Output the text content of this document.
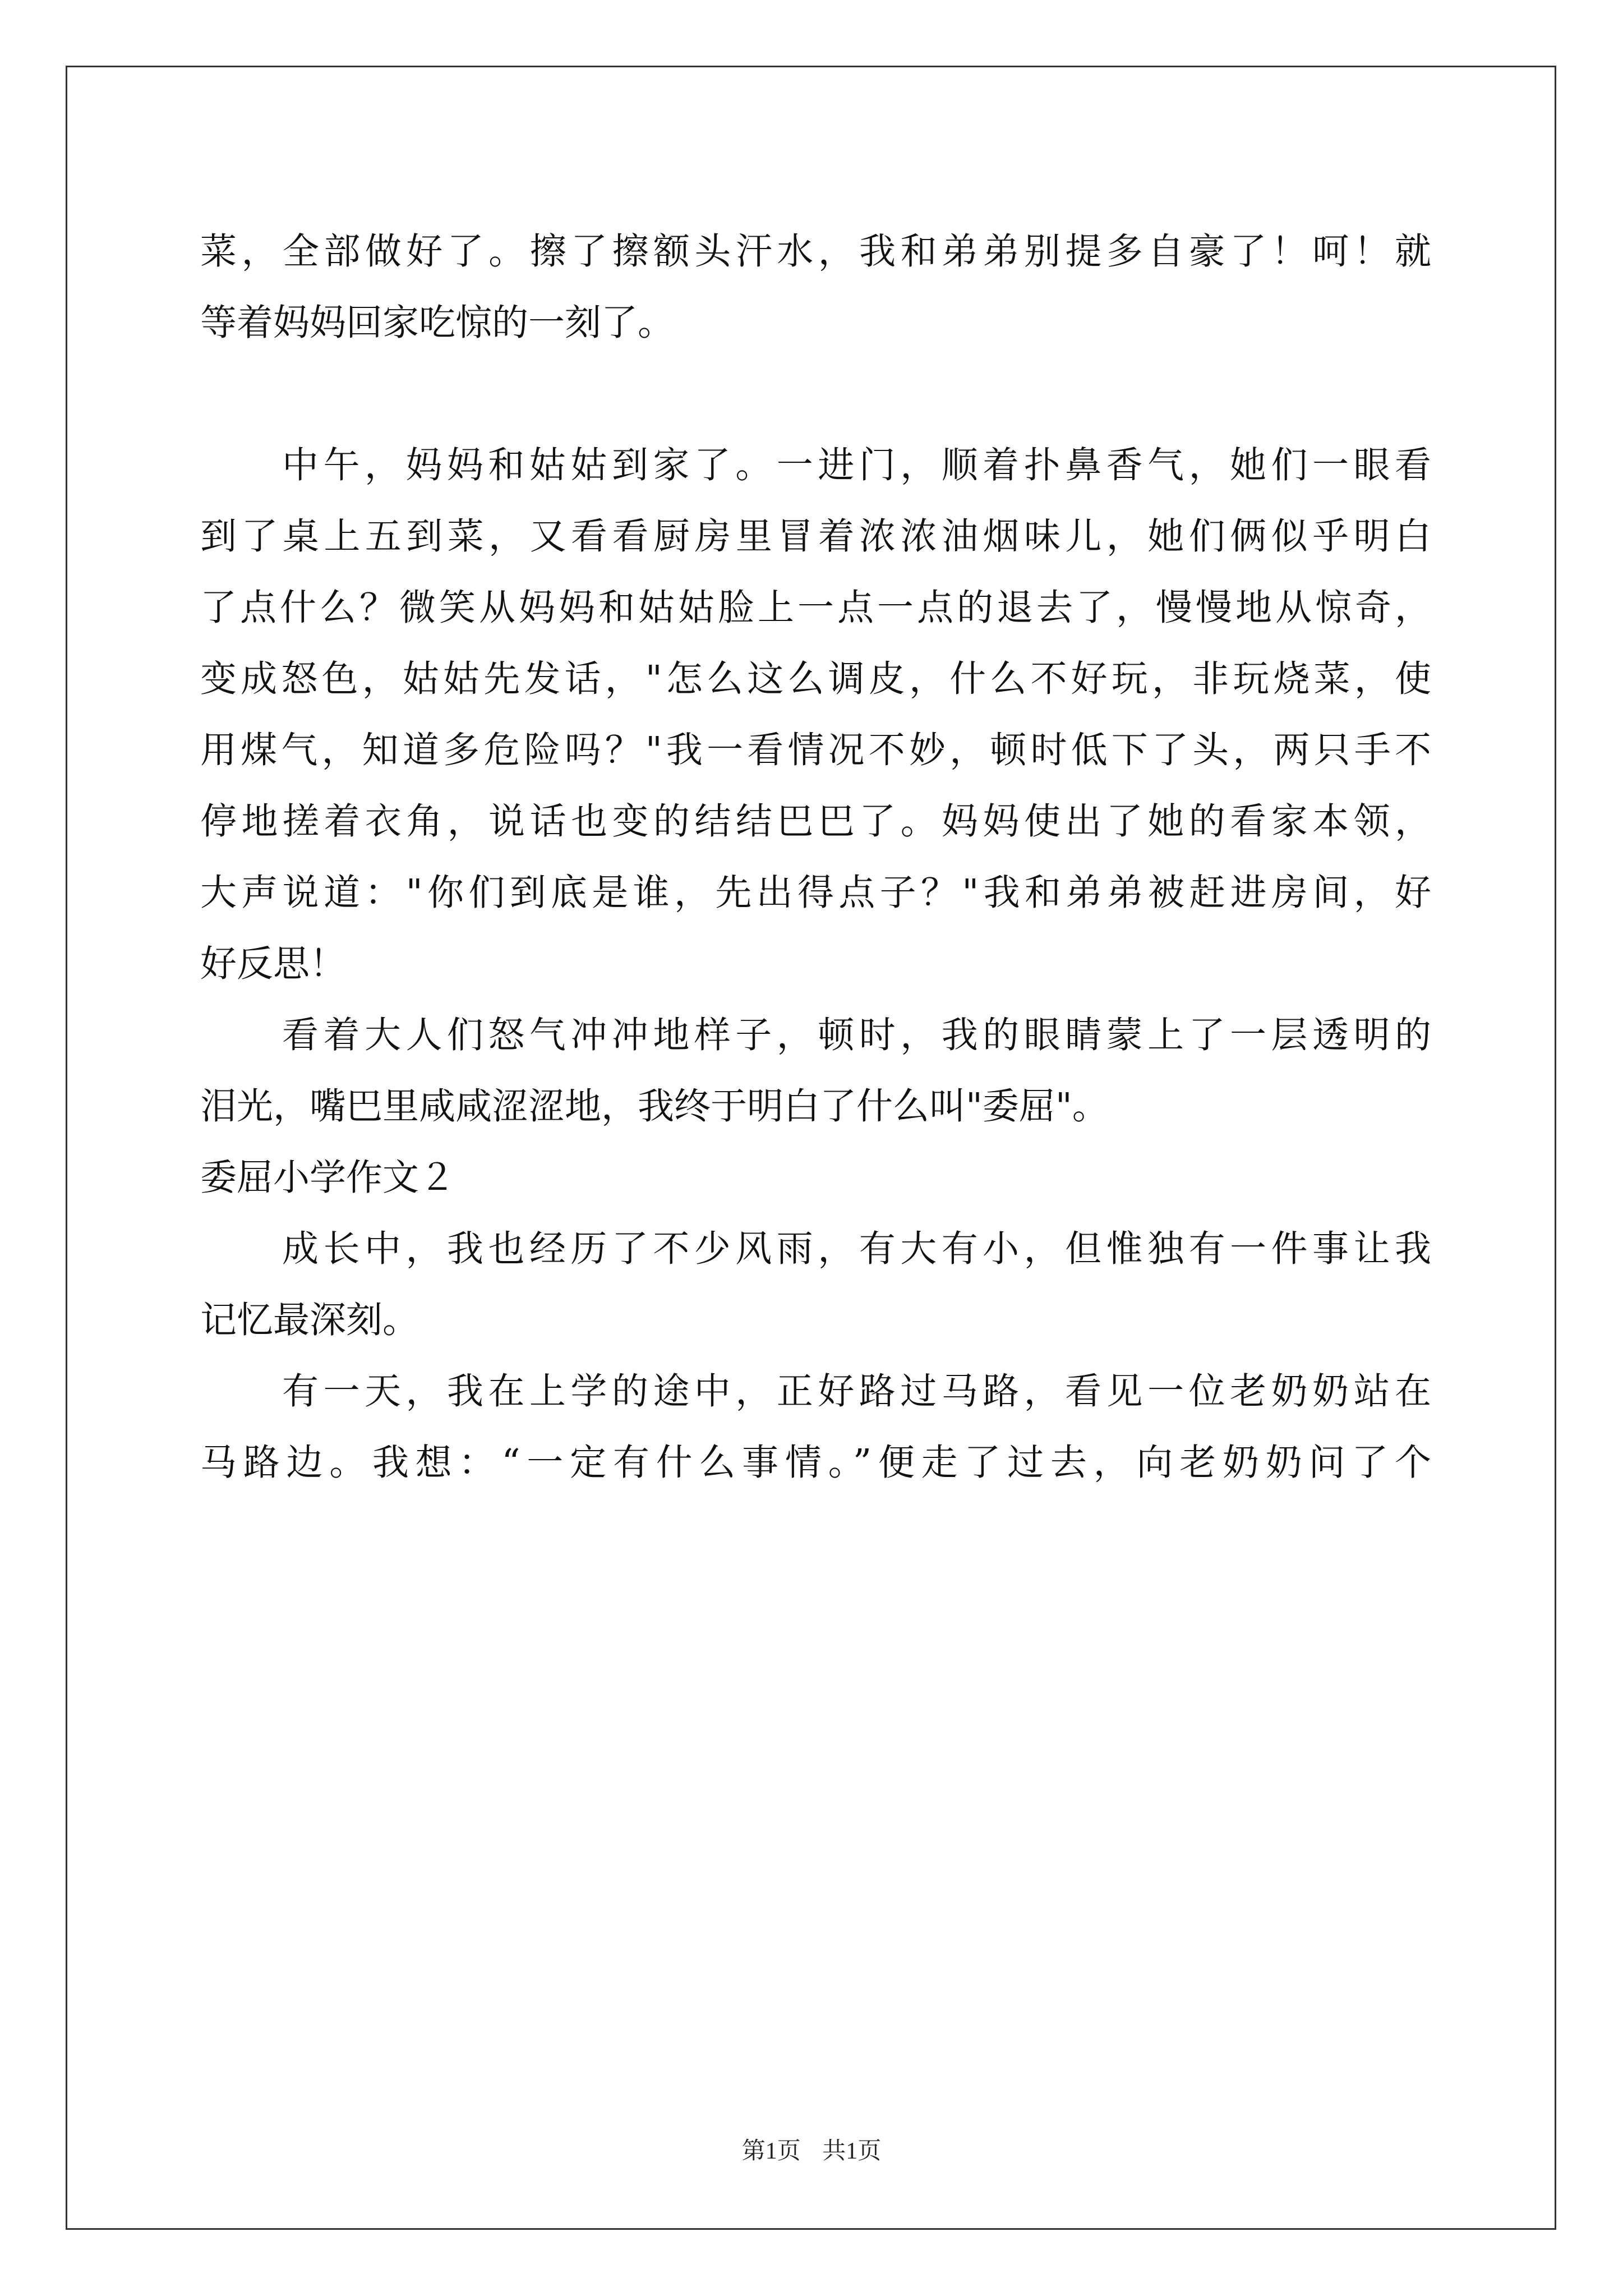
菜，全部做好了。擦了擦额头汗水，我和弟弟别提多自豪了！呵！就
等着妈妈回家吃惊的一刻了。
中午，妈妈和姑姑到家了。一进门，顺着扑鼻香气，她们一眼看
到了桌上五到菜，又看看厨房里冒着浓浓油烟味儿，她们俩似乎明白
了点什么？微笑从妈妈和姑姑脸上一点一点的退去了，慢慢地从惊奇，
变成怒色，姑姑先发话，"怎么这么调皮，什么不好玩，非玩烧菜，使
用煤气，知道多危险吗？"我一看情况不妙，顿时低下了头，两只手不
停地搓着衣角，说话也变的结结巴巴了。妈妈使出了她的看家本领，
大声说道："你们到底是谁，先出得点子？"我和弟弟被赶进房间，好
好反思！
看着大人们怒气冲冲地样子，顿时，我的眼睛蒙上了一层透明的
泪光，嘴巴里咸咸涩涩地，我终于明白了什么叫"委屈"。
委屈小学作文２
成长中，我也经历了不少风雨，有大有小，但惟独有一件事让我
记忆最深刻。
有一天，我在上学的途中，正好路过马路，看见一位老奶奶站在
马路边。我想：“一定有什么事情。”便走了过去，向老奶奶问了个
第1页 共1页
